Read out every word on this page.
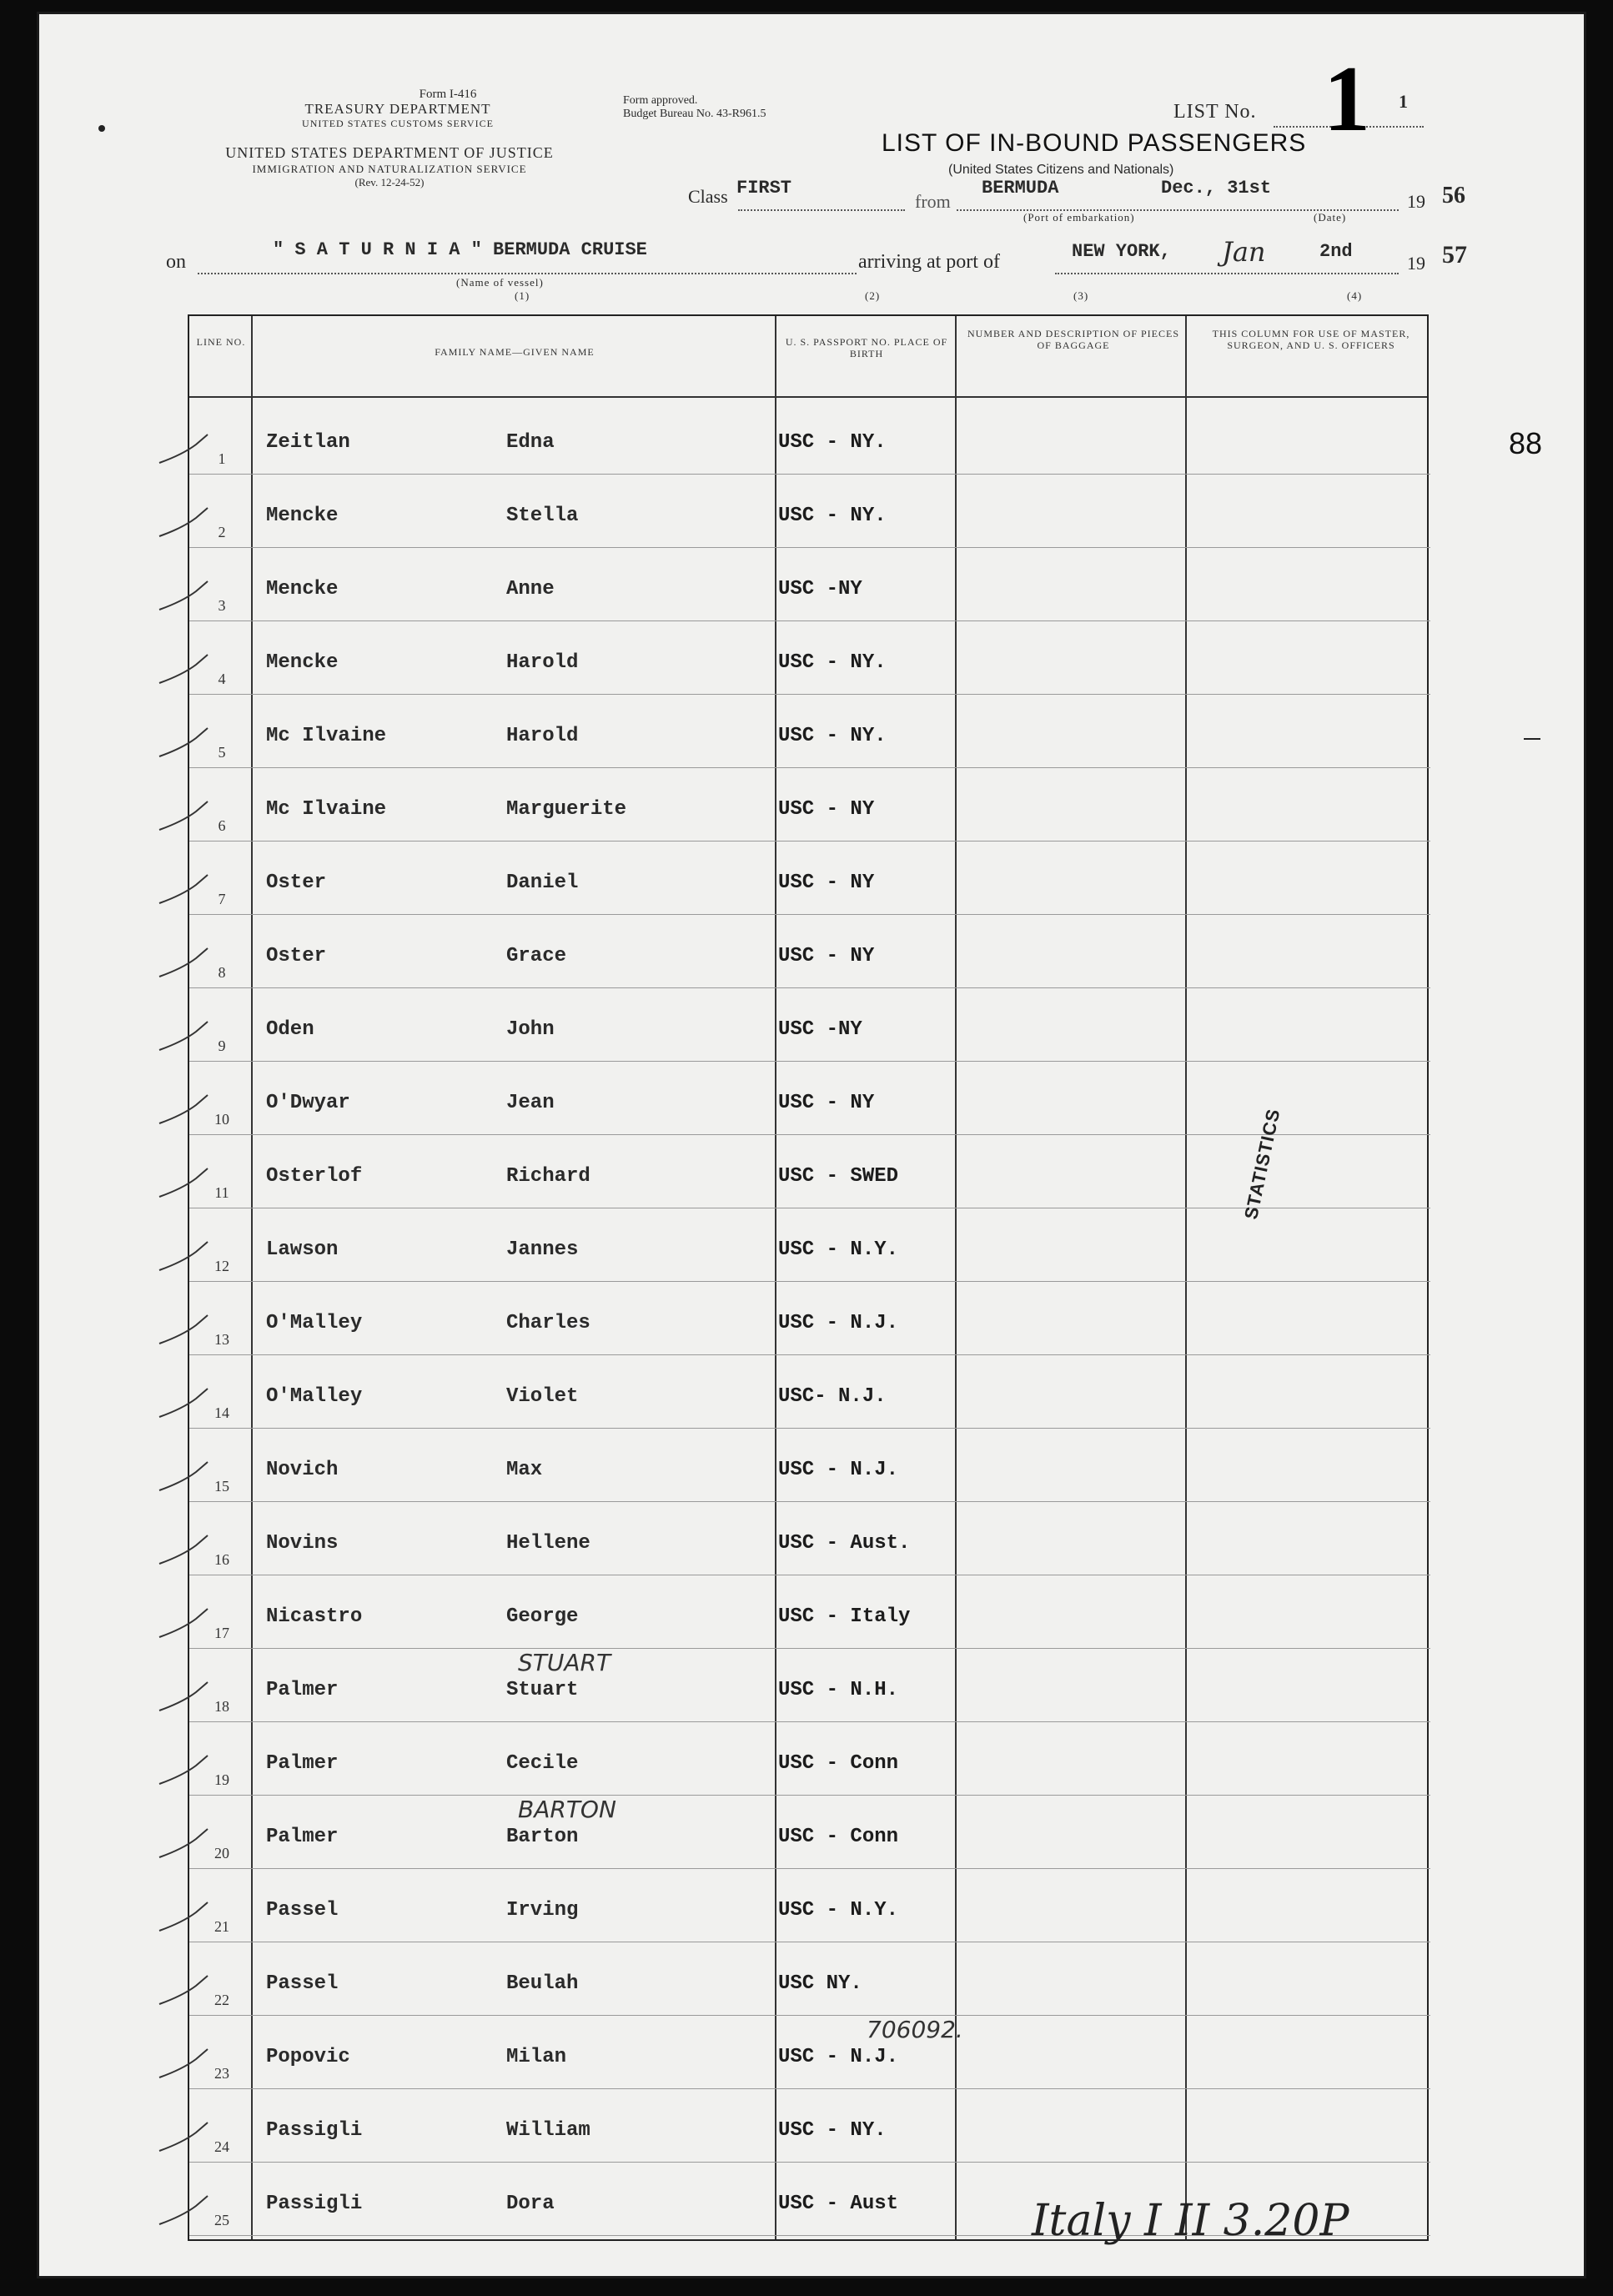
Form I-416
TREASURY DEPARTMENT
UNITED STATES CUSTOMS SERVICE
Form approved.
Budget Bureau No. 43-R961.5
UNITED STATES DEPARTMENT OF JUSTICE
IMMIGRATION AND NATURALIZATION SERVICE
(Rev. 12-24-52)
LIST No. 1 1
LIST OF IN-BOUND PASSENGERS
(United States Citizens and Nationals)
Class FIRST
from
BERMUDA	Dec., 31st
19 56
(Port of embarkation)	(Date)
on
" S A T U R N I A " BERMUDA CRUISE
arriving at port of	NEW YORK, Jan	2nd
19 57
(Name of vessel)
(1)	(2)	(3)	(4)
LINE NO.
FAMILY NAME—GIVEN NAME
U. S. PASSPORT NO. PLACE OF BIRTH
NUMBER AND DESCRIPTION OF PIECES OF BAGGAGE
THIS COLUMN FOR USE OF MASTER, SURGEON, AND U. S. OFFICERS
1
Zeitlan	Edna	USC - NY.
2
Mencke	Stella	USC - NY.
3
Mencke	Anne	USC -NY
4
Mencke	Harold	USC - NY.
5
Mc Ilvaine	Harold	USC - NY.
6
Mc Ilvaine	Marguerite	USC - NY
7
Oster	Daniel	USC - NY
8
Oster	Grace	USC - NY
9
Oden	John	USC -NY
10
O'Dwyar	Jean	USC - NY
11
Osterlof	Richard	USC - SWED
12
Lawson	Jannes	USC - N.Y.
13
O'Malley	Charles	USC - N.J.
14
O'Malley	Violet	USC- N.J.
15
Novich	Max	USC - N.J.
16
Novins	Hellene	USC - Aust.
17
Nicastro	George	USC - Italy
18
Palmer	Stuart	USC - N.H.
STUART
19
Palmer	Cecile	USC - Conn
20
Palmer	Barton	USC - Conn
BARTON
21
Passel	Irving	USC - N.Y.
22
Passel	Beulah	USC NY.
23
Popovic	Milan	USC - N.J.
706092.
24
Passigli	William	USC - NY.
25
Passigli	Dora	USC - Aust
STATISTICS
88
Italy I II 3.20P
